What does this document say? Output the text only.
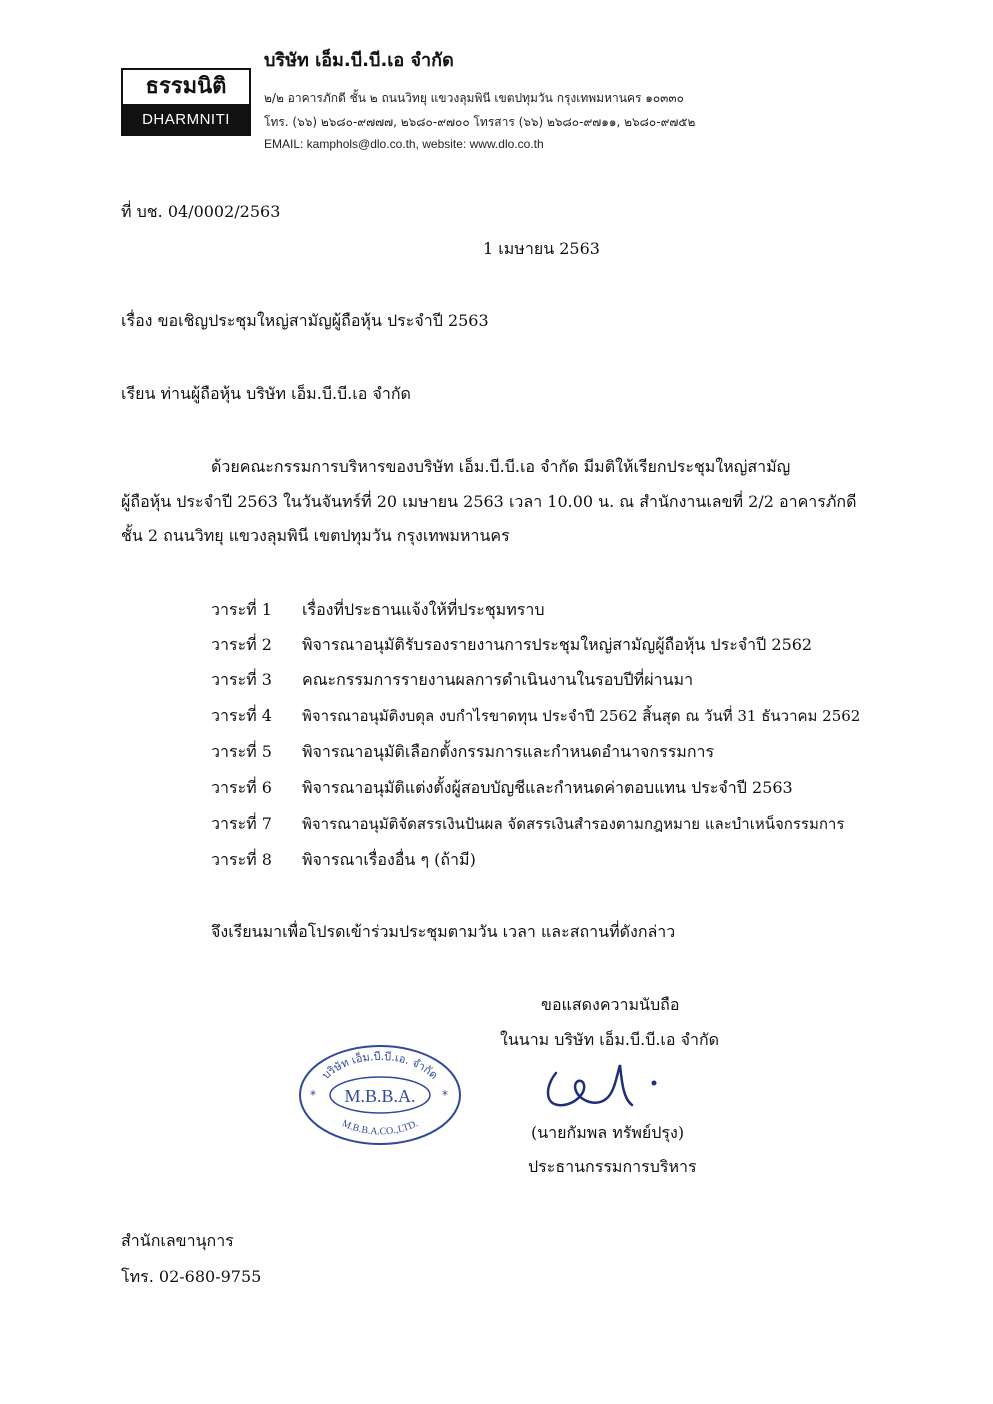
ธรรมนิติ
DHARMNITI
บริษัท เอ็ม.บี.บี.เอ จำกัด
๒/๒ อาคารภักดี ชั้น ๒ ถนนวิทยุ แขวงลุมพินี เขตปทุมวัน กรุงเทพมหานคร ๑๐๓๓๐
โทร. (๖๖) ๒๖๘๐-๙๗๗๗, ๒๖๘๐-๙๗๐๐ โทรสาร (๖๖) ๒๖๘๐-๙๗๑๑, ๒๖๘๐-๙๗๕๒
EMAIL: kamphols@dlo.co.th, website: www.dlo.co.th
ที่ บช. 04/0002/2563
1 เมษายน 2563
เรื่อง ขอเชิญประชุมใหญ่สามัญผู้ถือหุ้น ประจำปี 2563
เรียน ท่านผู้ถือหุ้น บริษัท เอ็ม.บี.บี.เอ จำกัด
ด้วยคณะกรรมการบริหารของบริษัท เอ็ม.บี.บี.เอ จำกัด มีมติให้เรียกประชุมใหญ่สามัญ
ผู้ถือหุ้น ประจำปี 2563 ในวันจันทร์ที่ 20 เมษายน 2563 เวลา 10.00 น. ณ สำนักงานเลขที่ 2/2 อาคารภักดี
ชั้น 2 ถนนวิทยุ แขวงลุมพินี เขตปทุมวัน กรุงเทพมหานคร
วาระที่ 1 เรื่องที่ประธานแจ้งให้ที่ประชุมทราบ
วาระที่ 2 พิจารณาอนุมัติรับรองรายงานการประชุมใหญ่สามัญผู้ถือหุ้น ประจำปี 2562
วาระที่ 3 คณะกรรมการรายงานผลการดำเนินงานในรอบปีที่ผ่านมา
วาระที่ 4 พิจารณาอนุมัติงบดุล งบกำไรขาดทุน ประจำปี 2562 สิ้นสุด ณ วันที่ 31 ธันวาคม 2562
วาระที่ 5 พิจารณาอนุมัติเลือกตั้งกรรมการและกำหนดอำนาจกรรมการ
วาระที่ 6 พิจารณาอนุมัติแต่งตั้งผู้สอบบัญชีและกำหนดค่าตอบแทน ประจำปี 2563
วาระที่ 7 พิจารณาอนุมัติจัดสรรเงินปันผล จัดสรรเงินสำรองตามกฎหมาย และบำเหน็จกรรมการ
วาระที่ 8 พิจารณาเรื่องอื่น ๆ (ถ้ามี)
จึงเรียนมาเพื่อโปรดเข้าร่วมประชุมตามวัน เวลา และสถานที่ดังกล่าว
ขอแสดงความนับถือ
ในนาม บริษัท เอ็ม.บี.บี.เอ จำกัด
บริษัท เอ็ม.บี.บี.เอ. จำกัด
M.B.B.A.
M.B.B.A.CO.,LTD.
*	*
(นายกัมพล ทรัพย์ปรุง)
ประธานกรรมการบริหาร
สำนักเลขานุการ
โทร. 02-680-9755
